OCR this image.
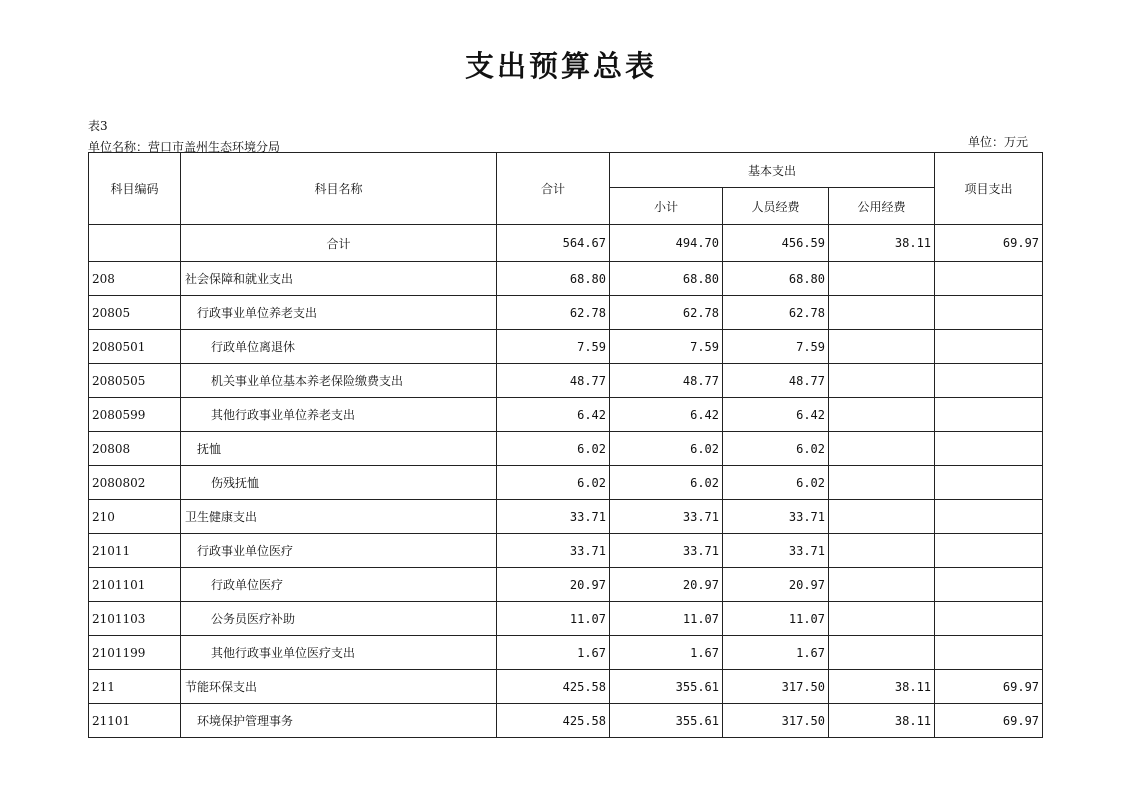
支出预算总表
表3
单位名称：营口市盖州生态环境分局	单位：万元
科目编码	科目名称	合计	基本支出			项目支出
			小计	人员经费	公用经费	
	合计	564.67	494.70	456.59	38.11	69.97
208	社会保障和就业支出	68.80	68.80	68.80		
20805	行政事业单位养老支出	62.78	62.78	62.78		
2080501	行政单位离退休	7.59	7.59	7.59		
2080505	机关事业单位基本养老保险缴费支出	48.77	48.77	48.77		
2080599	其他行政事业单位养老支出	6.42	6.42	6.42		
20808	抚恤	6.02	6.02	6.02		
2080802	伤残抚恤	6.02	6.02	6.02		
210	卫生健康支出	33.71	33.71	33.71		
21011	行政事业单位医疗	33.71	33.71	33.71		
2101101	行政单位医疗	20.97	20.97	20.97		
2101103	公务员医疗补助	11.07	11.07	11.07		
2101199	其他行政事业单位医疗支出	1.67	1.67	1.67		
211	节能环保支出	425.58	355.61	317.50	38.11	69.97
21101	环境保护管理事务	425.58	355.61	317.50	38.11	69.97
